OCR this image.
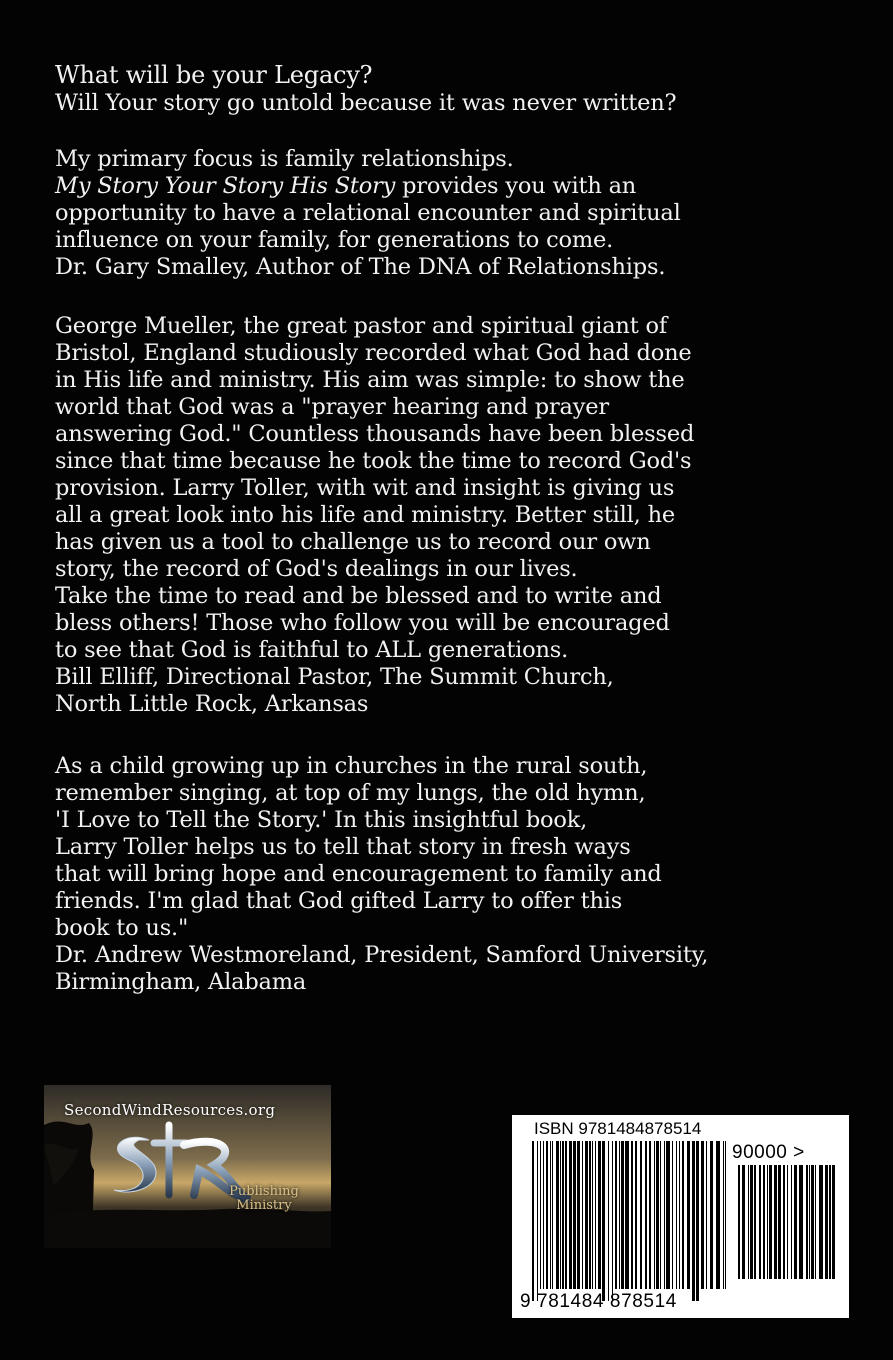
What will be your Legacy?
Will Your story go untold because it was never written?
My primary focus is family relationships.
My Story Your Story His Story provides you with an
opportunity to have a relational encounter and spiritual
influence on your family, for generations to come.
Dr. Gary Smalley, Author of The DNA of Relationships.
George Mueller, the great pastor and spiritual giant of
Bristol, England studiously recorded what God had done
in His life and ministry. His aim was simple: to show the
world that God was a "prayer hearing and prayer
answering God." Countless thousands have been blessed
since that time because he took the time to record God's
provision. Larry Toller, with wit and insight is giving us
all a great look into his life and ministry. Better still, he
has given us a tool to challenge us to record our own
story, the record of God's dealings in our lives.
Take the time to read and be blessed and to write and
bless others! Those who follow you will be encouraged
to see that God is faithful to ALL generations.
Bill Elliff, Directional Pastor, The Summit Church,
North Little Rock, Arkansas
As a child growing up in churches in the rural south,
remember singing, at top of my lungs, the old hymn,
'I Love to Tell the Story.' In this insightful book,
Larry Toller helps us to tell that story in fresh ways
that will bring hope and encouragement to family and
friends. I'm glad that God gifted Larry to offer this
book to us."
Dr. Andrew Westmoreland, President, Samford University,
Birmingham, Alabama
SecondWindResources.org
Publishing
Ministry
ISBN 9781484878514
90000 >
9 781484 878514
